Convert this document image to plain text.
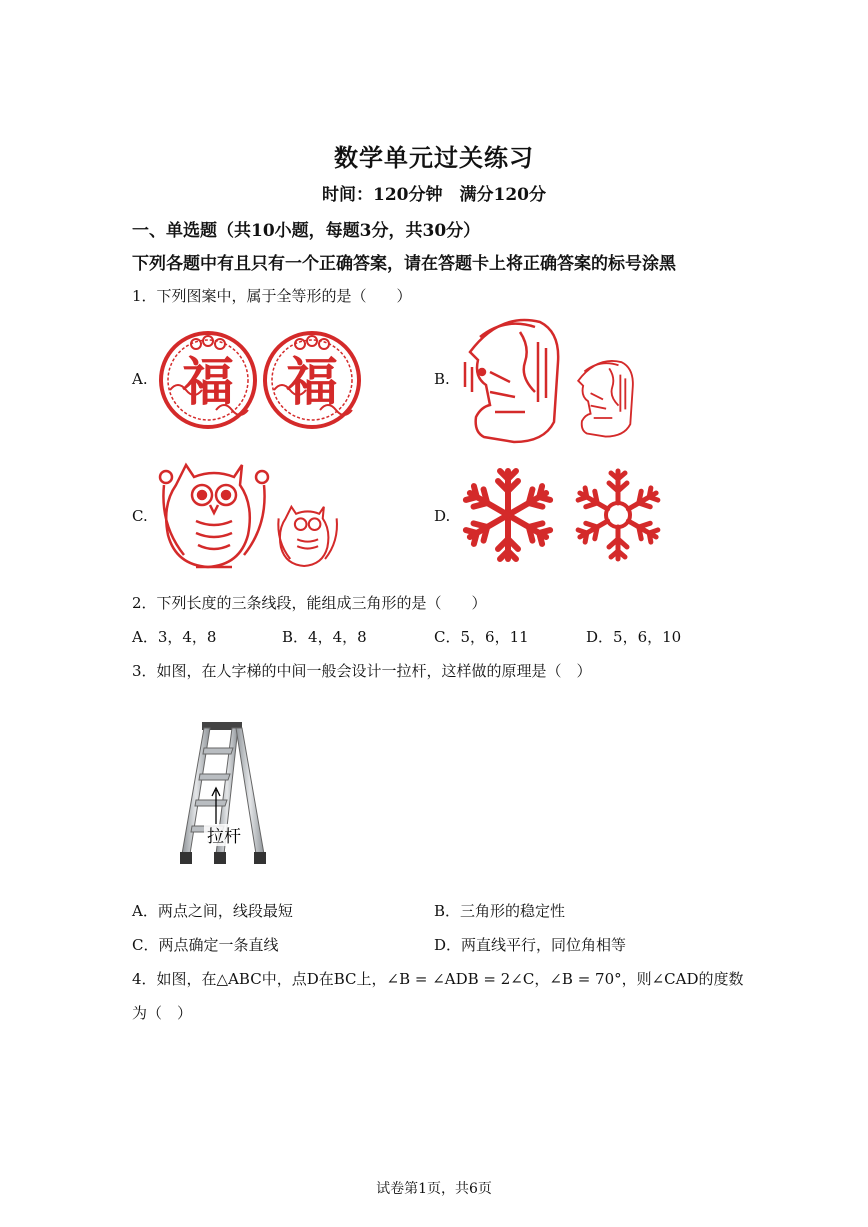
数学单元过关练习
时间：120分钟　满分120分
一、单选题（共10小题，每题3分，共30分）
下列各题中有且只有一个正确答案，请在答题卡上将正确答案的标号涂黑
1．下列图案中，属于全等形的是（　　）
A.	B.
C.	D.
福 福
2．下列长度的三条线段，能组成三角形的是（　　）
A．3，4，8	B．4，4，8	C．5，6，11	D．5，6，10
3．如图，在人字梯的中间一般会设计一拉杆，这样做的原理是（　）
拉杆
A．两点之间，线段最短	B．三角形的稳定性
C．两点确定一条直线	D．两直线平行，同位角相等
4．如图，在△ABC中，点D在BC上，∠B = ∠ADB = 2∠C，∠B = 70°，则∠CAD的度数
为（　）
试卷第1页，共6页
